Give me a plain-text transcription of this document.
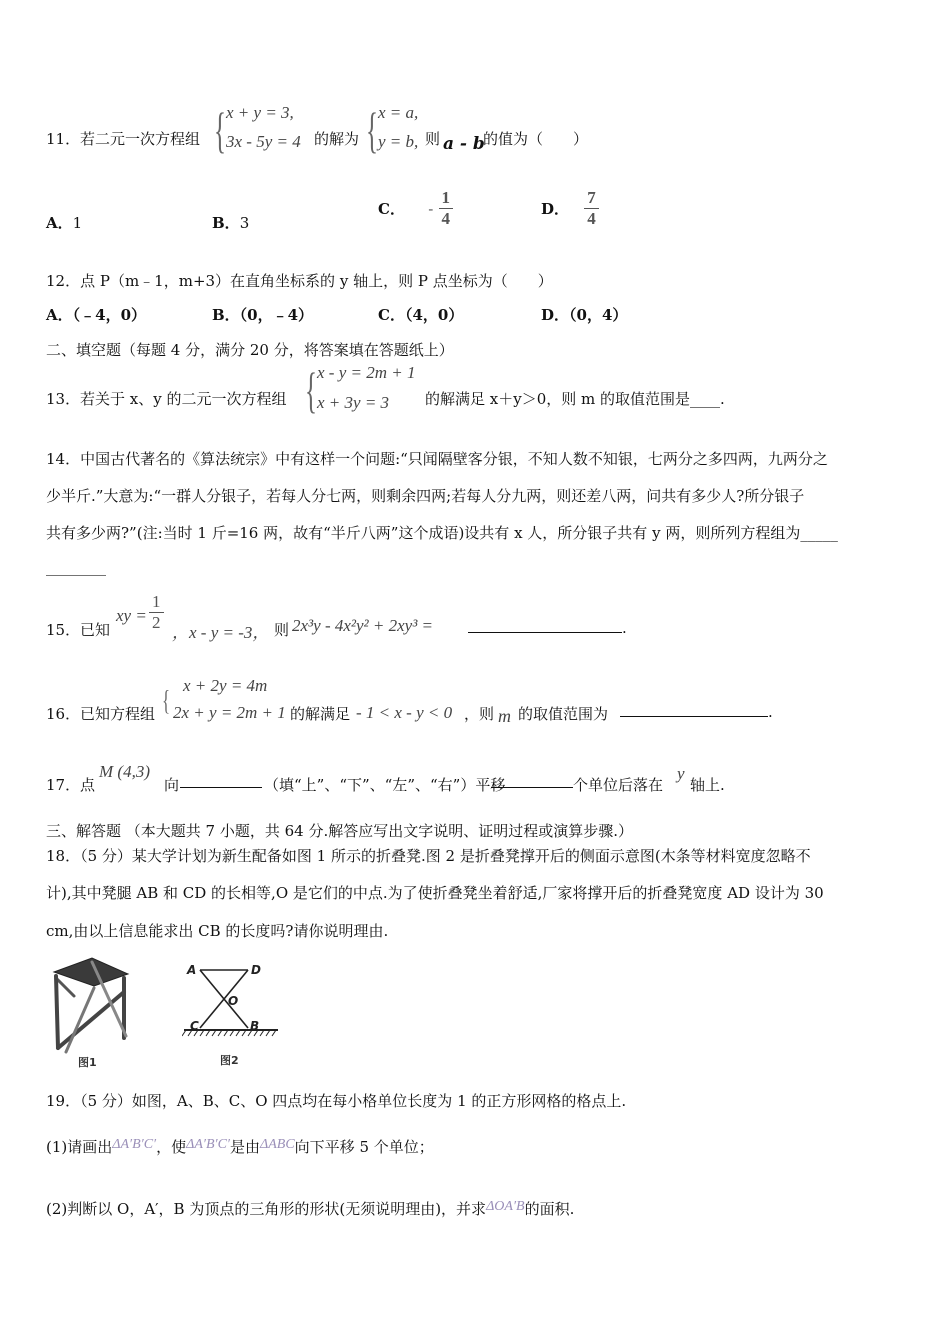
11． 若二元一次方程组 { x + y = 3,
3x - 5y = 4 的解为 { x = a,
y = b, 则 a - b
的值为（　　）
A．1	B．3
C． - $\frac{1}{4}$	D． $\frac{7}{4}$
12．点 P（m﹣1，m+3）在直角坐标系的 y 轴上，则 P 点坐标为（　　）
A．（﹣4，0）	B．（0，﹣4）	C．（4，0）	D．（0，4）
二、填空题（每题 4 分，满分 20 分，将答案填在答题纸上）
13． 若关于 x、y 的二元一次方程组 { x - y = 2m + 1
x + 3y = 3 的解满足 x＋y＞0，则 m 的取值范围是____.
14．中国古代著名的《算法统宗》中有这样一个问题:“只闻隔壁客分银，不知人数不知银，七两分之多四两，九两分之
少半斤.”大意为:“一群人分银子，若每人分七两，则剩余四两;若每人分九两，则还差八两，问共有多少人?所分银子
共有多少两?”(注:当时 1 斤=16 两，故有“半斤八两”这个成语)设共有 x 人，所分银子共有 y 两，则所列方程组为_____
________
15． 已知
xy = $\frac{1}{2}$ ，x - y = -3， 则 2x³y - 4x²y² + 2xy³ =	.
16． 已知方程组 {
x + 2y = 4m
2x + y = 2m + 1 的解满足 - 1 < x - y < 0 ，则 m 的取值范围为	.
17． 点
M (4,3)
向	（填“上”、“下”、“左”、“右”）平移	个单位后落在
y
轴上.
三、解答题 （本大题共 7 小题，共 64 分.解答应写出文字说明、证明过程或演算步骤.）
18．（5 分）某大学计划为新生配备如图 1 所示的折叠凳.图 2 是折叠凳撑开后的侧面示意图(木条等材料宽度忽略不
计),其中凳腿 AB 和 CD 的长相等,O 是它们的中点.为了使折叠凳坐着舒适,厂家将撑开后的折叠凳宽度 AD 设计为 30
cm,由以上信息能求出 CB 的长度吗?请你说明理由.
图1
A	D
O
C	B
图2
19．（5 分）如图，A、B、C、O 四点均在每小格单位长度为 1 的正方形网格的格点上.
(1)请画出ΔA′B′C′，使ΔA′B′C′是由ΔABC向下平移 5 个单位；
(2)判断以 O，A′，B 为顶点的三角形的形状(无须说明理由)，并求ΔOA′B的面积.
